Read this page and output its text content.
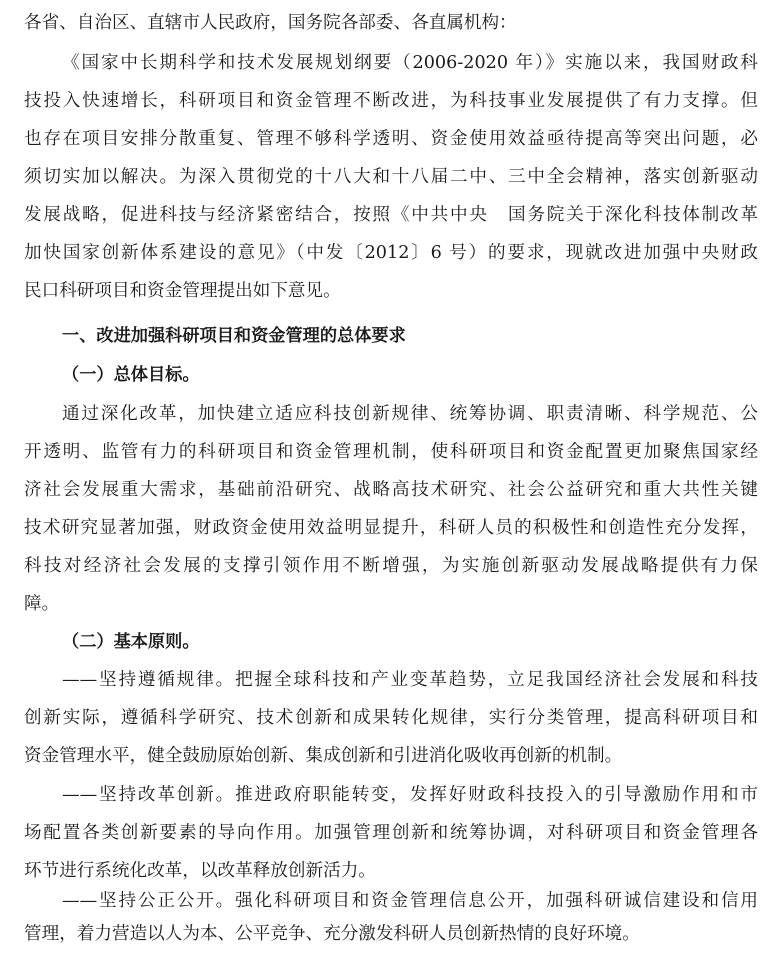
各省、自治区、直辖市人民政府，国务院各部委、各直属机构：
《国家中长期科学和技术发展规划纲要（2006-2020 年）》实施以来，我国财政科
技投入快速增长，科研项目和资金管理不断改进，为科技事业发展提供了有力支撑。但
也存在项目安排分散重复、管理不够科学透明、资金使用效益亟待提高等突出问题，必
须切实加以解决。为深入贯彻党的十八大和十八届二中、三中全会精神，落实创新驱动
发展战略，促进科技与经济紧密结合，按照《中共中央　国务院关于深化科技体制改革
加快国家创新体系建设的意见》（中发〔2012〕6 号）的要求，现就改进加强中央财政
民口科研项目和资金管理提出如下意见。
一、改进加强科研项目和资金管理的总体要求
（一）总体目标。
通过深化改革，加快建立适应科技创新规律、统筹协调、职责清晰、科学规范、公
开透明、监管有力的科研项目和资金管理机制，使科研项目和资金配置更加聚焦国家经
济社会发展重大需求，基础前沿研究、战略高技术研究、社会公益研究和重大共性关键
技术研究显著加强，财政资金使用效益明显提升，科研人员的积极性和创造性充分发挥，
科技对经济社会发展的支撑引领作用不断增强，为实施创新驱动发展战略提供有力保
障。
（二）基本原则。
——坚持遵循规律。把握全球科技和产业变革趋势，立足我国经济社会发展和科技
创新实际，遵循科学研究、技术创新和成果转化规律，实行分类管理，提高科研项目和
资金管理水平，健全鼓励原始创新、集成创新和引进消化吸收再创新的机制。
——坚持改革创新。推进政府职能转变，发挥好财政科技投入的引导激励作用和市
场配置各类创新要素的导向作用。加强管理创新和统筹协调，对科研项目和资金管理各
环节进行系统化改革，以改革释放创新活力。
——坚持公正公开。强化科研项目和资金管理信息公开，加强科研诚信建设和信用
管理，着力营造以人为本、公平竞争、充分激发科研人员创新热情的良好环境。
